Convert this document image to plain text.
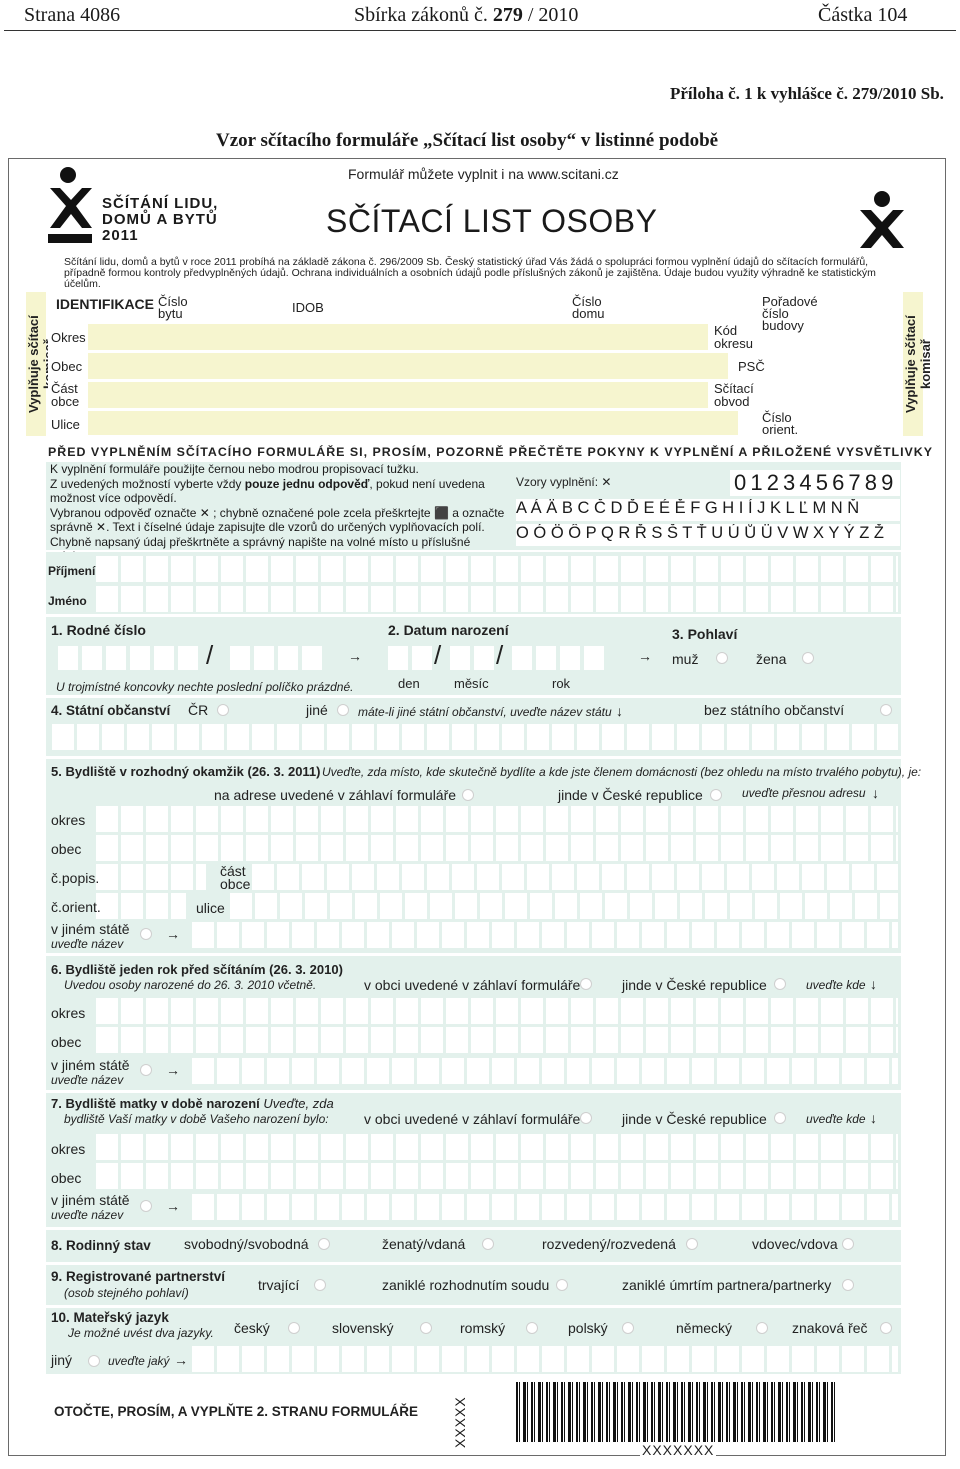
Strana 4086	Sbírka zákonů č. 279 / 2010	Částka 104
Příloha č. 1 k vyhlášce č. 279/2010 Sb.
Vzor sčítacího formuláře „Sčítací list osoby“ v listinné podobě
Formulář můžete vyplnit i na www.scitani.cz
SČÍTÁNÍ LIDU,
DOMŮ A BYTŮ
2011	SČÍTACÍ LIST OSOBY
Sčítání lidu, domů a bytů v roce 2011 probíhá na základě zákona č. 296/2009 Sb. Český statistický úřad Vás žádá o spolupráci formou vyplnění údajů do sčítacích formulářů, případně formou kontroly předvyplněných údajů. Ochrana individuálních a osobních údajů podle příslušných zákonů je zajištěna. Údaje budou využity výhradně ke statistickým účelům.
Vyplňuje sčítací	Vyplňuje sčítací komisař
IDENTIFIKACE Číslo bytu	IDOB	Číslo domu
Pořadové číslo budovy
Okres	Kód okresu
Obec	PSČ
Část obce
Sčítací obvod
Ulice	Číslo orient.
PŘED VYPLNĚNÍM SČÍTACÍHO FORMULÁŘE SI, PROSÍM, POZORNĚ PŘEČTĚTE POKYNY K VYPLNĚNÍ A PŘILOŽENÉ VYSVĚTLIVKY
K vyplnění formuláře použijte černou nebo modrou propisovací tužku.
Z uvedených možností vyberte vždy pouze jednu odpověď, pokud není uvedena
možnost více odpovědí.
Vybranou odpověď označte ✕ ; chybně označené pole zcela přeškrtejte ⬛ a označte
správně ✕. Text i číselné údaje zapisujte dle vzorů do určených vyplňovacích polí.
Chybně napsaný údaj přeškrtněte a správný napište na volné místo u příslušné
Vzory vyplnění: ✕	0 1 2 3 4 5 6 7 8 9
A Á Ä B C Č D Ď E É Ě F G H I Í J K L Ľ M N Ň
O Ó Ö Ô P Q R Ř S Š T Ť U Ú Ů Ü V W X Y Ý Z Ž
Příjmení
Jméno
1. Rodné číslo
/	→
U trojmístné koncovky nechte poslední políčko prázdné.
2. Datum narození
/ /	→
den	měsíc	rok
3. Pohlaví
muž	žena
4. Státní občanství ČR	jiné	máte-li jiné státní občanství, uveďte název státu ↓	bez státního občanství
5. Bydliště v rozhodný okamžik (26. 3. 2011) Uveďte, zda místo, kde skutečně bydlíte a kde jste členem domácnosti (bez ohledu na místo trvalého pobytu), je:
na adrese uvedené v záhlaví formuláře	jinde v České republice	uveďte přesnou adresu ↓
okres
obec
č.popis.	část obce
č.orient.	ulice
v jiném státě
uveďte název
→
6. Bydliště jeden rok před sčítáním (26. 3. 2010)
Uvedou osoby narozené do 26. 3. 2010 včetně.	v obci uvedené v záhlaví formuláře	jinde v České republice	uveďte kde ↓
okres
obec
v jiném státě
uveďte název
→
7. Bydliště matky v době narození Uveďte, zda
bydliště Vaší matky v době Vašeho narození bylo:	v obci uvedené v záhlaví formuláře	jinde v České republice	uveďte kde ↓
okres
obec
v jiném státě
uveďte název
→
8. Rodinný stav svobodný/svobodná	ženatý/vdaná	rozvedený/rozvedená	vdovec/vdova
9. Registrované partnerství
(osob stejného pohlaví)	trvající	zaniklé rozhodnutím soudu	zaniklé úmrtím partnera/partnerky
10. Mateřský jazyk
Je možné uvést dva jazyky. český	slovenský	romský	polský	německý	znaková řeč
jiný	uveďte jaký →
OTOČTE, PROSÍM, A VYPLŇTE 2. STRANU FORMULÁŘE XXXXX
XXXXXXX
